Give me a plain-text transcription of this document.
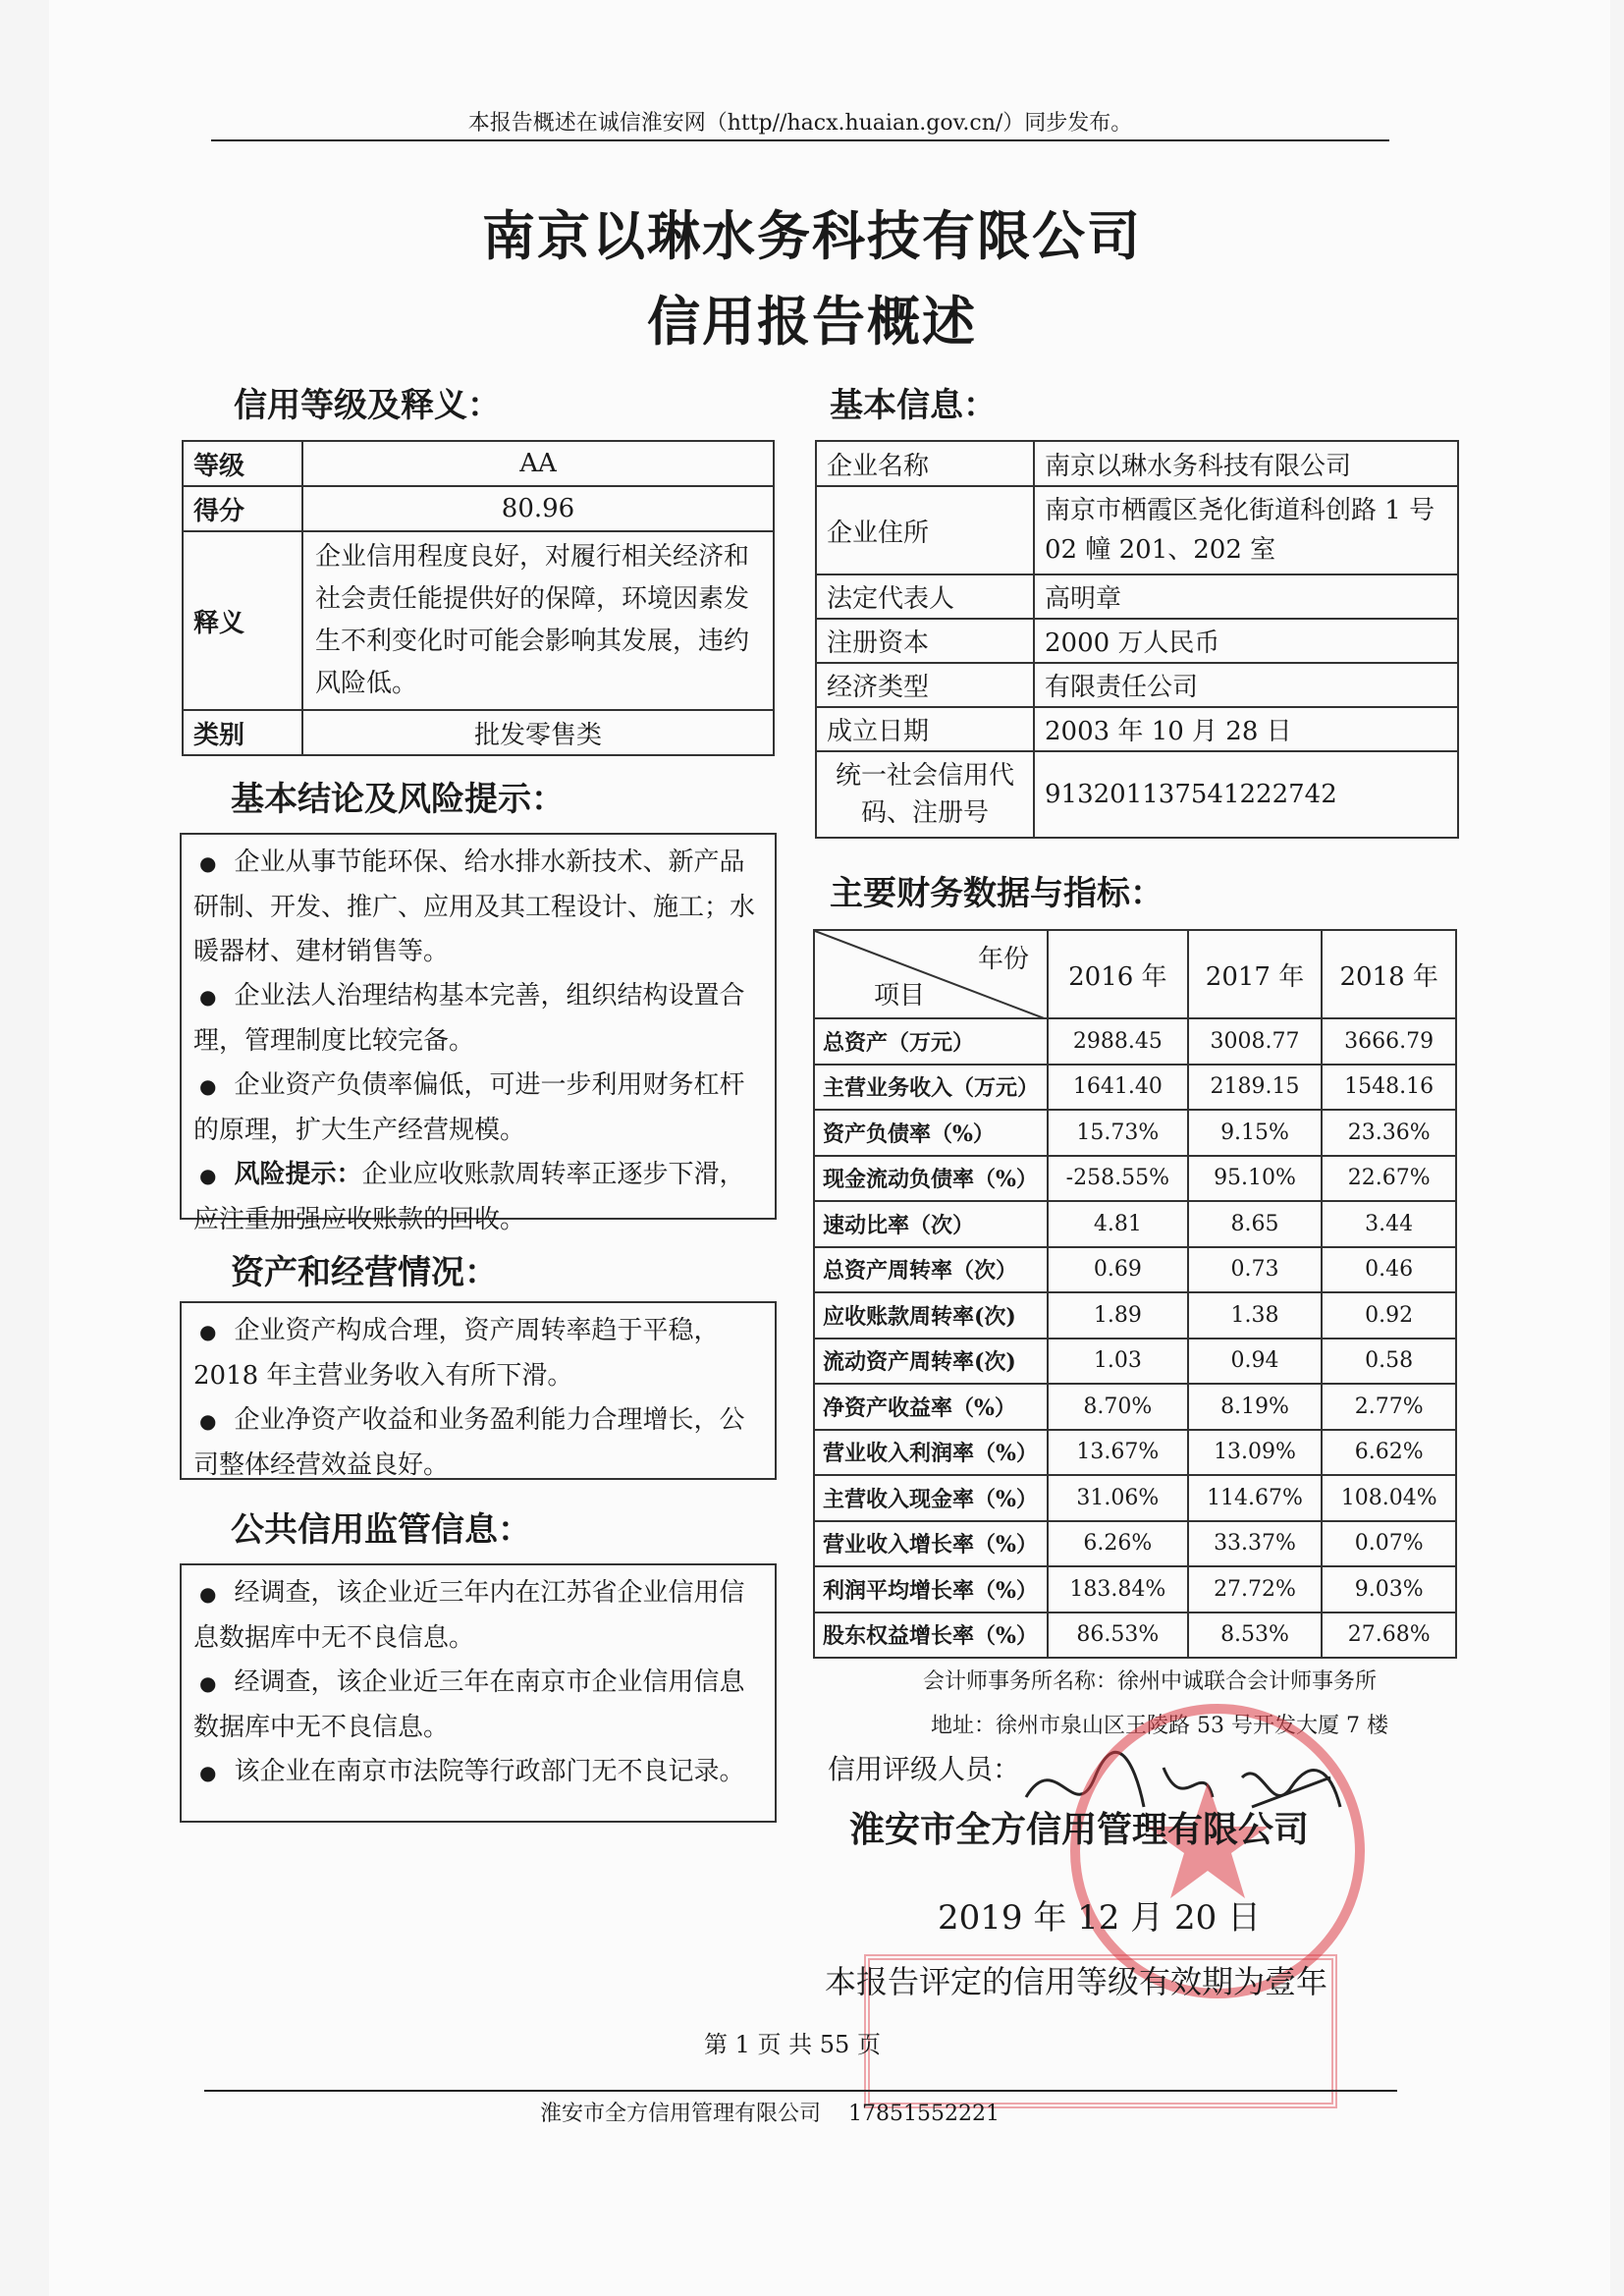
本报告概述在诚信淮安网（http//hacx.huaian.gov.cn/）同步发布。
南京以琳水务科技有限公司
信用报告概述
信用等级及释义：
等级	AA
得分	80.96
释义	企业信用程度良好，对履行相关经济和社会责任能提供好的保障，环境因素发生不利变化时可能会影响其发展，违约风险低。
类别	批发零售类
基本结论及风险提示：

● 企业从事节能环保、给水排水新技术、新产品研制、开发、推广、应用及其工程设计、施工；水暖器材、建材销售等。

● 企业法人治理结构基本完善，组织结构设置合理，管理制度比较完备。

● 企业资产负债率偏低，可进一步利用财务杠杆的原理，扩大生产经营规模。

● 风险提示：企业应收账款周转率正逐步下滑，应注重加强应收账款的回收。

资产和经营情况：

● 企业资产构成合理，资产周转率趋于平稳，2018 年主营业务收入有所下滑。

● 企业净资产收益和业务盈利能力合理增长，公司整体经营效益良好。

公共信用监管信息：

● 经调查，该企业近三年内在江苏省企业信用信息数据库中无不良信息。

● 经调查，该企业近三年在南京市企业信用信息数据库中无不良信息。

● 该企业在南京市法院等行政部门无不良记录。

基本信息：
企业名称	南京以琳水务科技有限公司
企业住所	南京市栖霞区尧化街道科创路 1 号 02 幢 201、202 室
法定代表人	高明章
注册资本	2000 万人民币
经济类型	有限责任公司
成立日期	2003 年 10 月 28 日
统一社会信用代码、注册号	913201137541222742
主要财务数据与指标：
年份
项目	2016 年	2017 年	2018 年
总资产（万元）	2988.45	3008.77	3666.79
主营业务收入（万元）	1641.40	2189.15	1548.16
资产负债率（%）	15.73%	9.15%	23.36%
现金流动负债率（%）	-258.55%	95.10%	22.67%
速动比率（次）	4.81	8.65	3.44
总资产周转率（次）	0.69	0.73	0.46
应收账款周转率(次)	1.89	1.38	0.92
流动资产周转率(次)	1.03	0.94	0.58
净资产收益率（%）	8.70%	8.19%	2.77%
营业收入利润率（%）	13.67%	13.09%	6.62%
主营收入现金率（%）	31.06%	114.67%	108.04%
营业收入增长率（%）	6.26%	33.37%	0.07%
利润平均增长率（%）	183.84%	27.72%	9.03%
股东权益增长率（%）	86.53%	8.53%	27.68%
会计师事务所名称：徐州中诚联合会计师事务所
地址：徐州市泉山区王陵路 53 号开发大厦 7 楼
信用评级人员：
淮安市全方信用管理有限公司
2019 年 12 月 20 日
本报告评定的信用等级有效期为壹年
第 1 页 共 55 页
淮安市全方信用管理有限公司    17851552221
